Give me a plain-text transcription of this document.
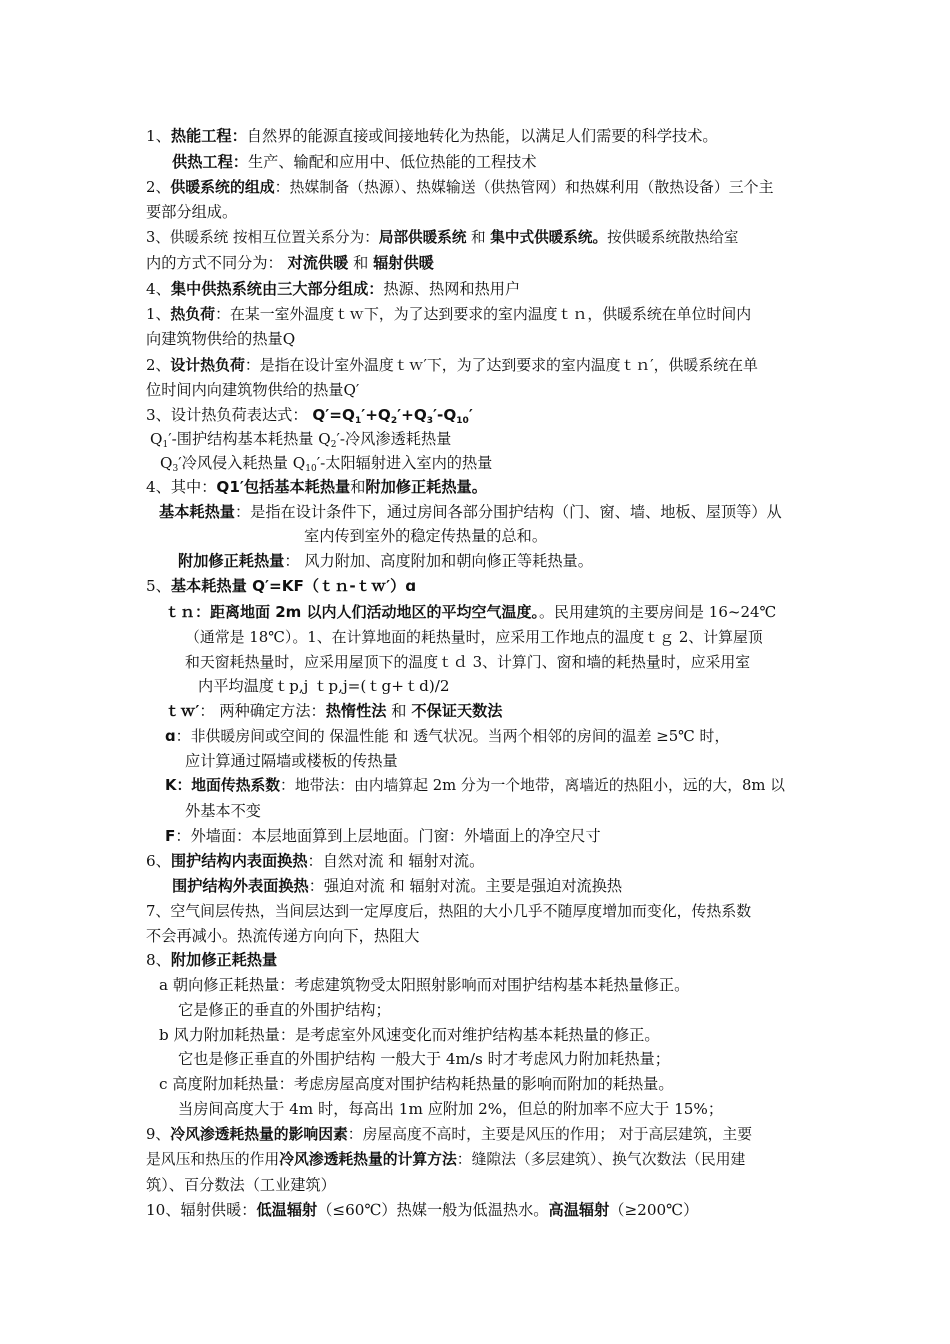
1、热能工程：自然界的能源直接或间接地转化为热能，以满足人们需要的科学技术。
供热工程：生产、输配和应用中、低位热能的工程技术
2、供暖系统的组成：热媒制备（热源）、热媒输送（供热管网）和热媒利用（散热设备）三个主
要部分组成。
3、供暖系统 按相互位置关系分为：局部供暖系统 和 集中式供暖系统。按供暖系统散热给室
内的方式不同分为： 对流供暖 和 辐射供暖
4、集中供热系统由三大部分组成：热源、热网和热用户
1、热负荷：在某一室外温度ｔｗ下，为了达到要求的室内温度ｔｎ，供暖系统在单位时间内
向建筑物供给的热量Q
2、设计热负荷：是指在设计室外温度ｔｗ′下，为了达到要求的室内温度ｔｎ′，供暖系统在单
位时间内向建筑物供给的热量Q′
3、设计热负荷表达式： $Q'=Q_1'+Q_2'+Q_3'-Q_{10}'$
$Q_1'-$围护结构基本耗热量 $Q_2'-$冷风渗透耗热量
$Q_3'$冷风侵入耗热量 $Q_{10}'-$太阳辐射进入室内的热量
4、其中：Q1′包括基本耗热量和附加修正耗热量。
基本耗热量：是指在设计条件下，通过房间各部分围护结构（门、窗、墙、地板、屋顶等）从
室内传到室外的稳定传热量的总和。
附加修正耗热量： 风力附加、高度附加和朝向修正等耗热量。
5、基本耗热量 Q′=KF（ｔｎ-ｔｗ′）ɑ
ｔｎ：距离地面 2m 以内人们活动地区的平均空气温度。。民用建筑的主要房间是 16~24℃
（通常是 18℃）。1、在计算地面的耗热量时，应采用工作地点的温度ｔｇ 2、计算屋顶
和天窗耗热量时，应采用屋顶下的温度ｔｄ 3、计算门、窗和墙的耗热量时，应采用室
内平均温度ｔp,j ｔp,j=(ｔg+ｔd)/2
ｔｗ′： 两种确定方法：热惰性法 和 不保证天数法
ɑ：非供暖房间或空间的 保温性能 和 透气状况。当两个相邻的房间的温差 ≥5℃ 时，
应计算通过隔墙或楼板的传热量
K：地面传热系数：地带法：由内墙算起 2m 分为一个地带，离墙近的热阻小，远的大，8m 以
外基本不变
F：外墙面：本层地面算到上层地面。门窗：外墙面上的净空尺寸
6、围护结构内表面换热：自然对流 和 辐射对流。
围护结构外表面换热：强迫对流 和 辐射对流。主要是强迫对流换热
7、空气间层传热，当间层达到一定厚度后，热阻的大小几乎不随厚度增加而变化，传热系数
不会再减小。热流传递方向向下，热阻大
8、附加修正耗热量
a 朝向修正耗热量：考虑建筑物受太阳照射影响而对围护结构基本耗热量修正。
它是修正的垂直的外围护结构；
b 风力附加耗热量：是考虑室外风速变化而对维护结构基本耗热量的修正。
它也是修正垂直的外围护结构 一般大于 4m/s 时才考虑风力附加耗热量；
c 高度附加耗热量：考虑房屋高度对围护结构耗热量的影响而附加的耗热量。
当房间高度大于 4m 时，每高出 1m 应附加 2%，但总的附加率不应大于 15%；
9、冷风渗透耗热量的影响因素：房屋高度不高时，主要是风压的作用； 对于高层建筑，主要
是风压和热压的作用冷风渗透耗热量的计算方法：缝隙法（多层建筑）、换气次数法（民用建
筑）、百分数法（工业建筑）
10、辐射供暖：低温辐射（≤60℃）热媒一般为低温热水。高温辐射（≥200℃）
